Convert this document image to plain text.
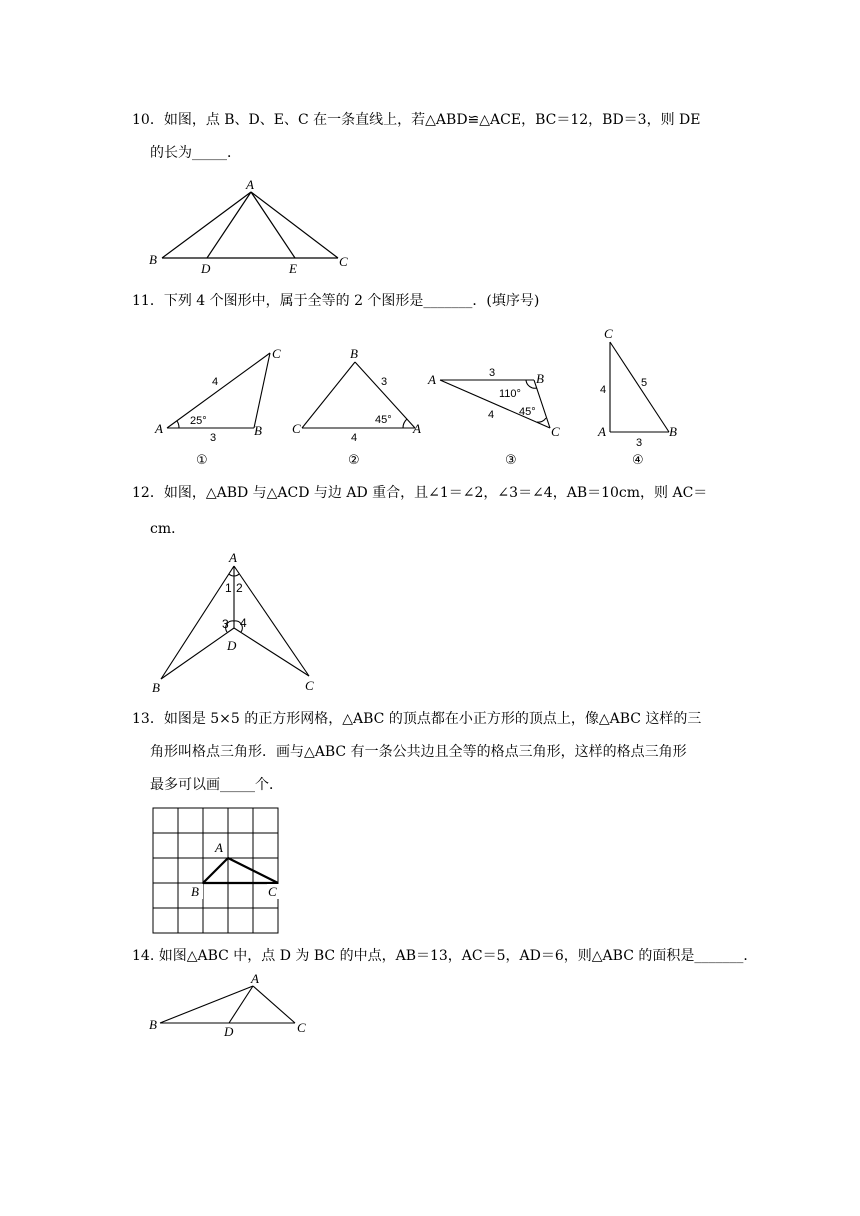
10．如图，点 B、D、E、C 在一条直线上，若△ABD≌△ACE，BC＝12，BD＝3，则 DE
的长为_____．
A
B
D	E	C
11．下列 4 个图形中，属于全等的 2 个图形是_______．(填序号)
A	B
C
4
3
25°
①
B
C	A
3
4
45°
②
A	B
C
3
4
110°
45°
③
C
A	B
4
5
3
④
12．如图，△ABD 与△ACD 与边 AD 重合，且∠1＝∠2，∠3＝∠4，AB＝10cm，则 AC＝
cm．
A
D
B	C
1 2
3 4
13．如图是 5×5 的正方形网格，△ABC 的顶点都在小正方形的顶点上，像△ABC 这样的三
角形叫格点三角形．画与△ABC 有一条公共边且全等的格点三角形，这样的格点三角形
最多可以画_____个．
A
B	C
14. 如图△ABC 中，点 D 为 BC 的中点，AB＝13，AC＝5，AD＝6，则△ABC 的面积是_______．
A
B	D	C
